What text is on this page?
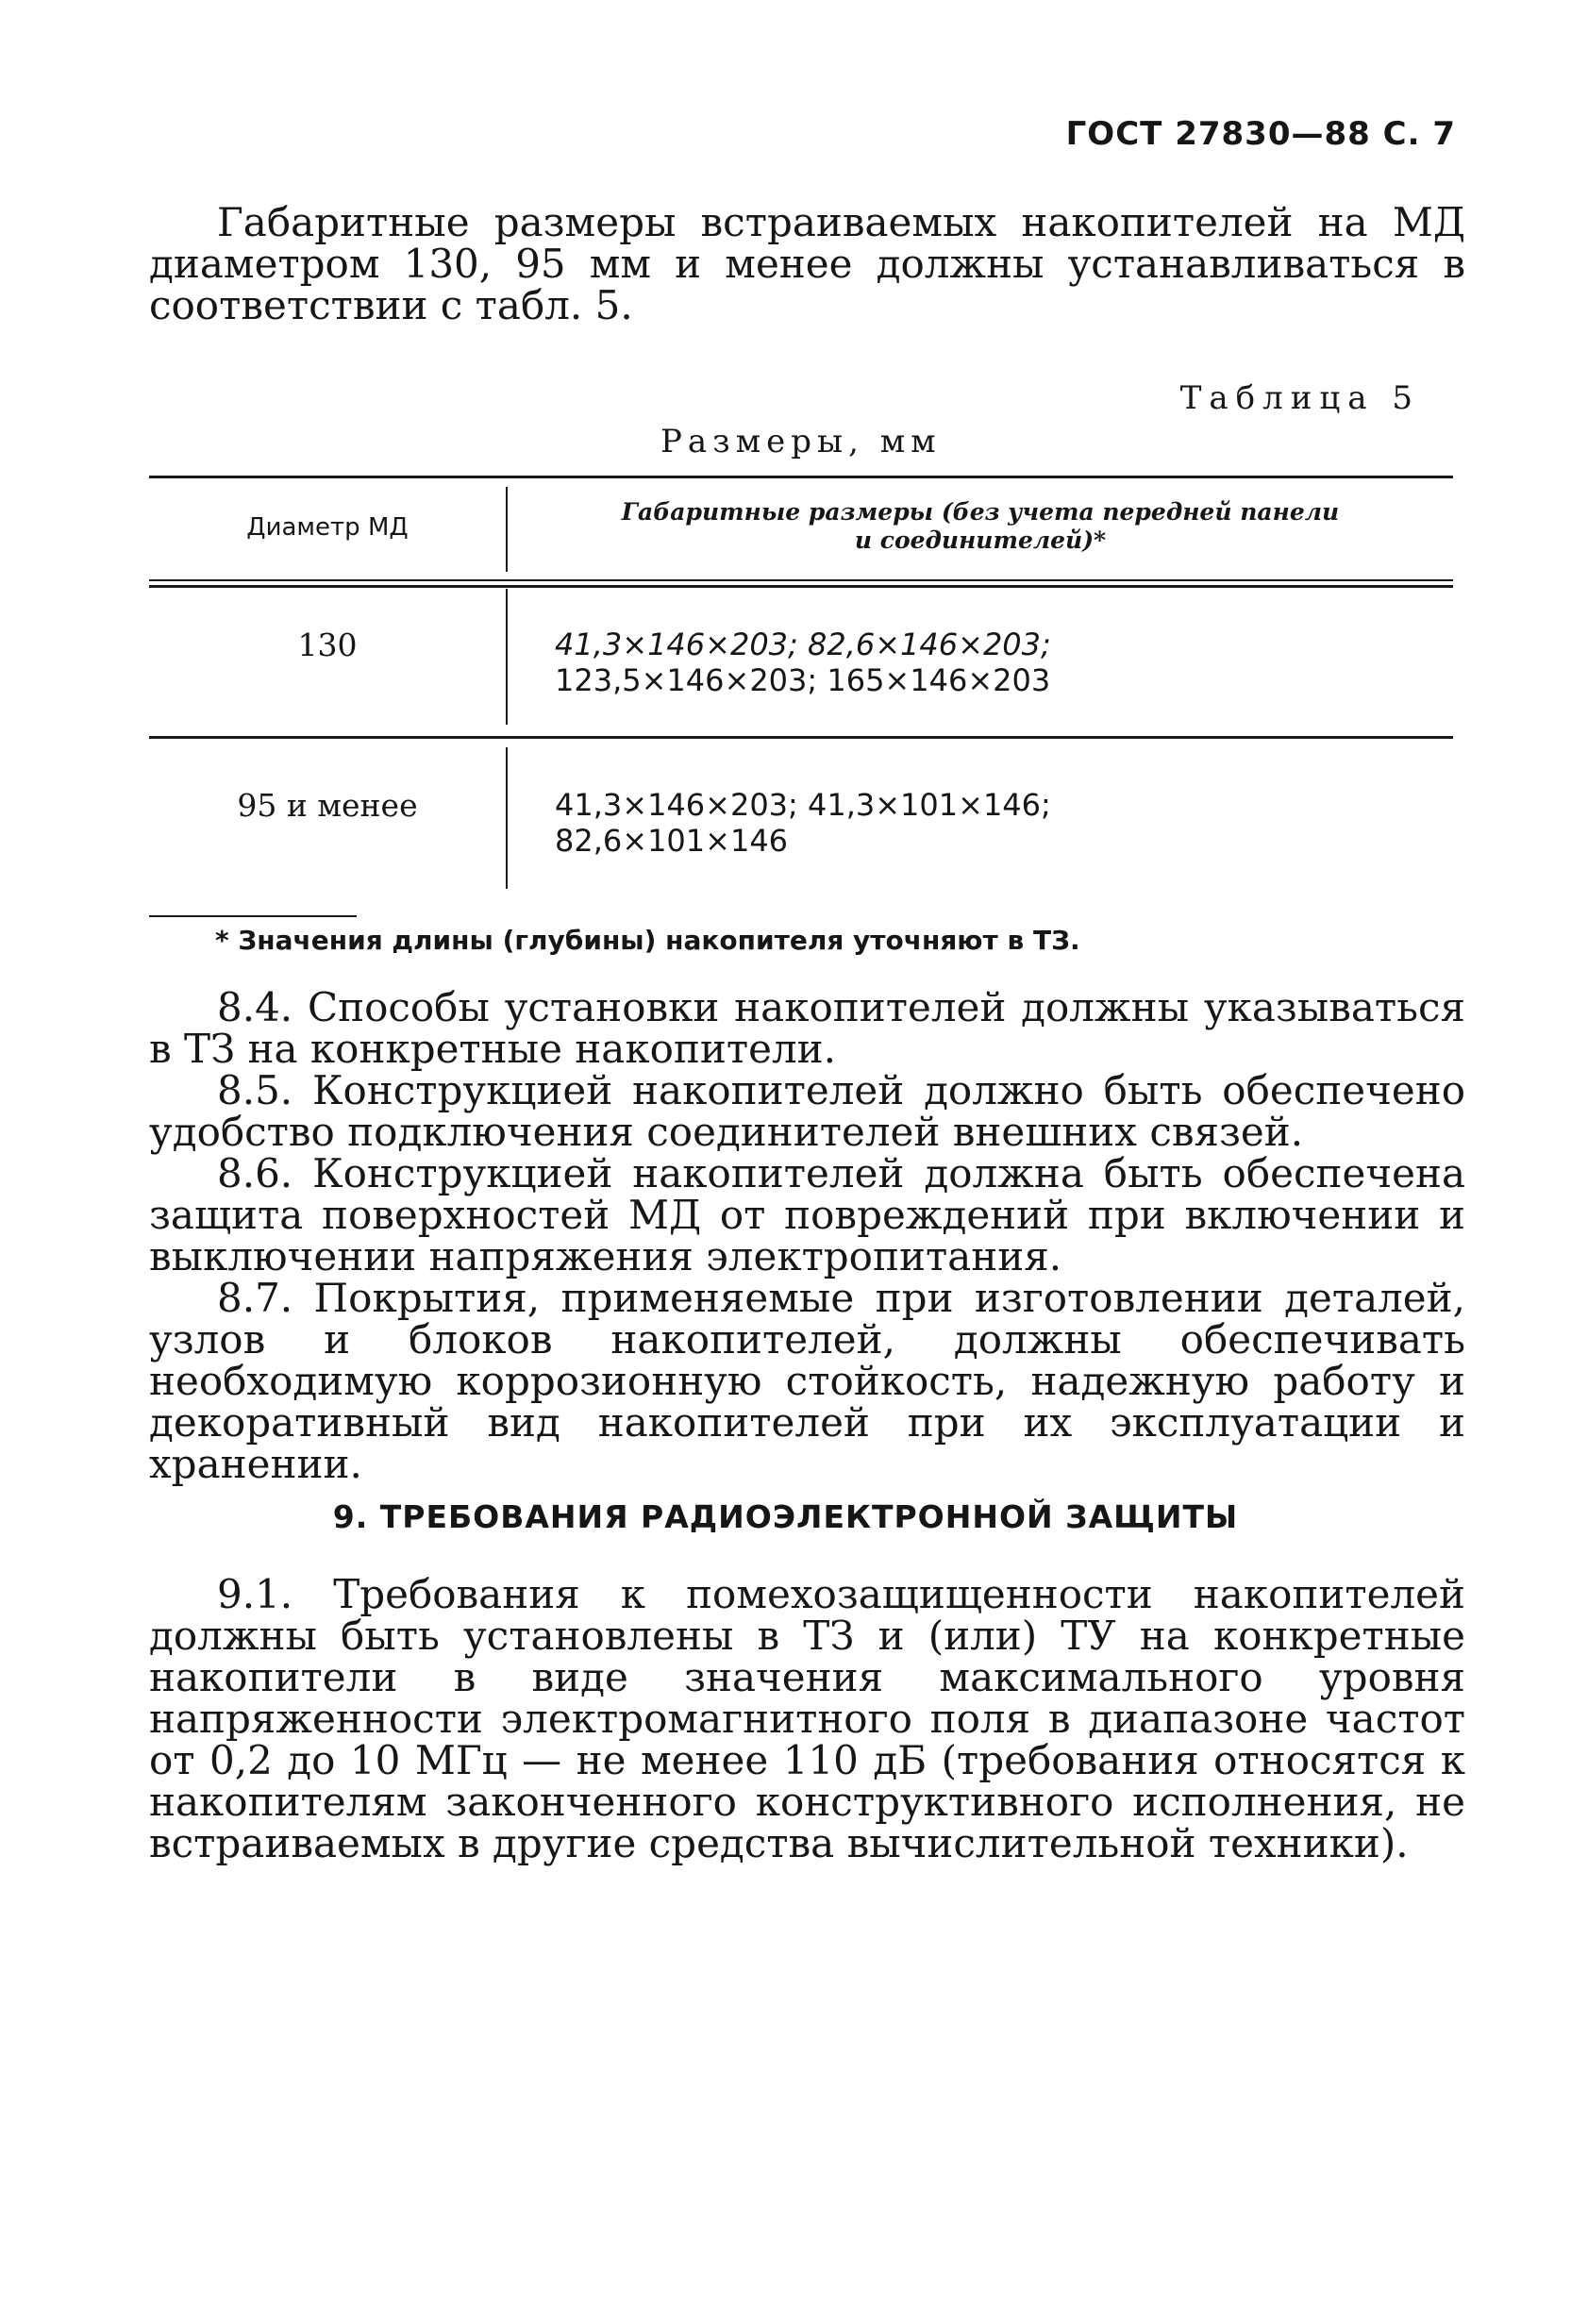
ГОСТ 27830—88 С. 7

Габаритные размеры встраиваемых накопителей на МД диаметром 130, 95 мм и менее должны устанавливаться в соответствии с табл. 5.

Таблица 5
Размеры, мм
Диаметр МД
Габаритные размеры (без учета передней панели
и соединителей)*
130	41,3×146×203; 82,6×146×203;
123,5×146×203; 165×146×203
95 и менее	41,3×146×203; 41,3×101×146;
82,6×101×146
* Значения длины (глубины) накопителя уточняют в ТЗ.

8.4. Способы установки накопителей должны указываться в ТЗ на конкретные накопители.

8.5. Конструкцией накопителей должно быть обеспечено удобство подключения соединителей внешних связей.

8.6. Конструкцией накопителей должна быть обеспечена защита поверхностей МД от повреждений при включении и выключении напряжения электропитания.

8.7. Покрытия, применяемые при изготовлении деталей, узлов и блоков накопителей, должны обеспечивать необходимую коррозионную стойкость, надежную работу и декоративный вид накопителей при их эксплуатации и хранении.

9. ТРЕБОВАНИЯ РАДИОЭЛЕКТРОННОЙ ЗАЩИТЫ

9.1. Требования к помехозащищенности накопителей должны быть установлены в ТЗ и (или) ТУ на конкретные накопители в виде значения максимального уровня напряженности электромагнитного поля в диапазоне частот от 0,2 до 10 МГц — не менее 110 дБ (требования относятся к накопителям законченного конструктивного исполнения, не встраиваемых в другие средства вычислительной техники).
